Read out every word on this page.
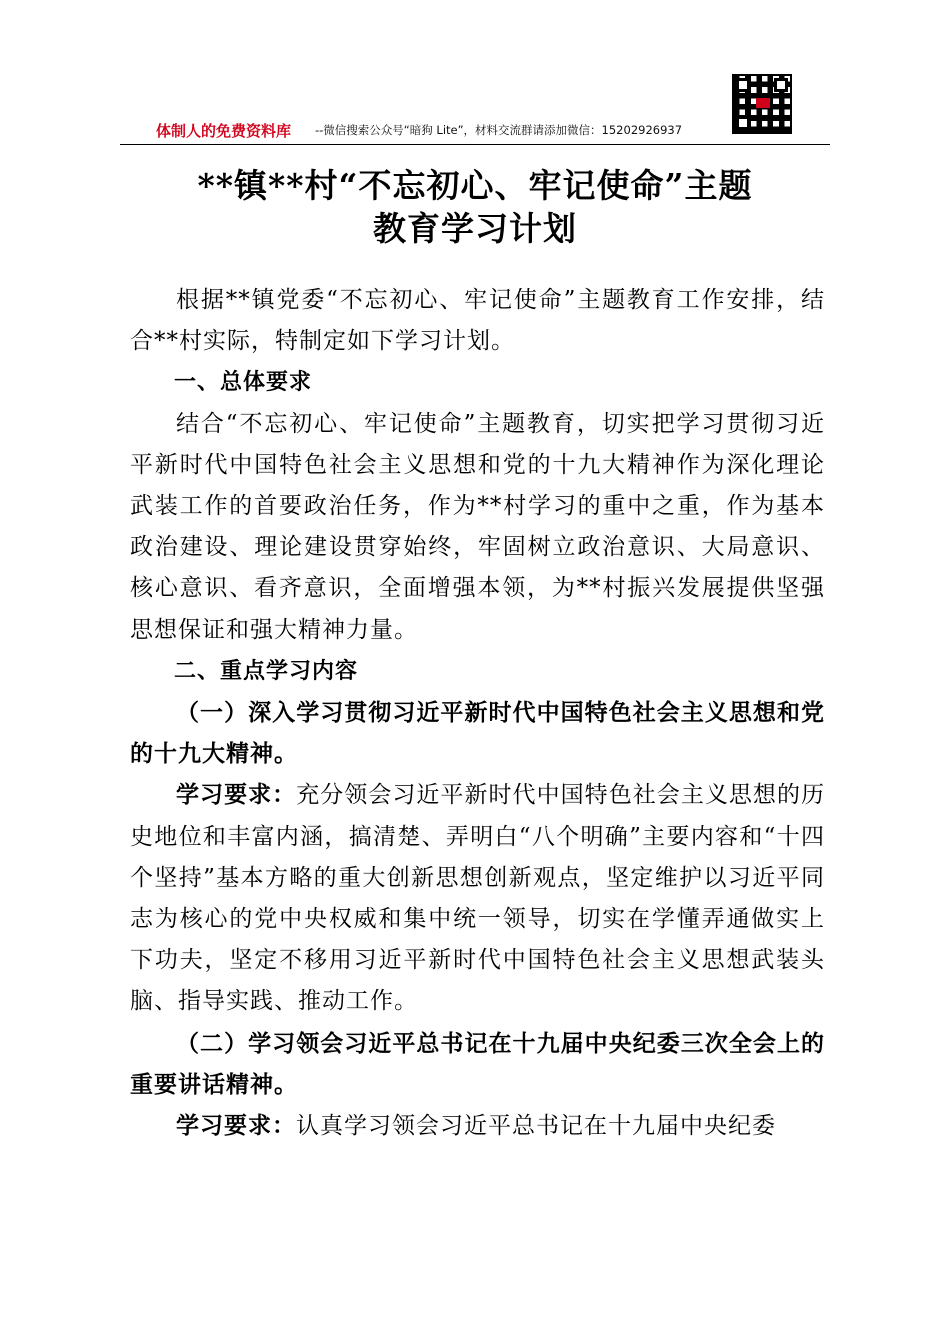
体制人的免费资料库 --微信搜索公众号“暗狗 Lite”，材料交流群请添加微信：15202926937
**镇**村“不忘初心、牢记使命”主题
教育学习计划

根据**镇党委“不忘初心、牢记使命”主题教育工作安排，结合**村实际，特制定如下学习计划。

一、总体要求

结合“不忘初心、牢记使命”主题教育，切实把学习贯彻习近平新时代中国特色社会主义思想和党的十九大精神作为深化理论武装工作的首要政治任务，作为**村学习的重中之重，作为基本政治建设、理论建设贯穿始终，牢固树立政治意识、大局意识、核心意识、看齐意识，全面增强本领，为**村振兴发展提供坚强思想保证和强大精神力量。

二、重点学习内容

（一）深入学习贯彻习近平新时代中国特色社会主义思想和党的十九大精神。

学习要求：充分领会习近平新时代中国特色社会主义思想的历史地位和丰富内涵，搞清楚、弄明白“八个明确”主要内容和“十四个坚持”基本方略的重大创新思想创新观点，坚定维护以习近平同志为核心的党中央权威和集中统一领导，切实在学懂弄通做实上下功夫，坚定不移用习近平新时代中国特色社会主义思想武装头脑、指导实践、推动工作。

（二）学习领会习近平总书记在十九届中央纪委三次全会上的重要讲话精神。

学习要求：认真学习领会习近平总书记在十九届中央纪委
